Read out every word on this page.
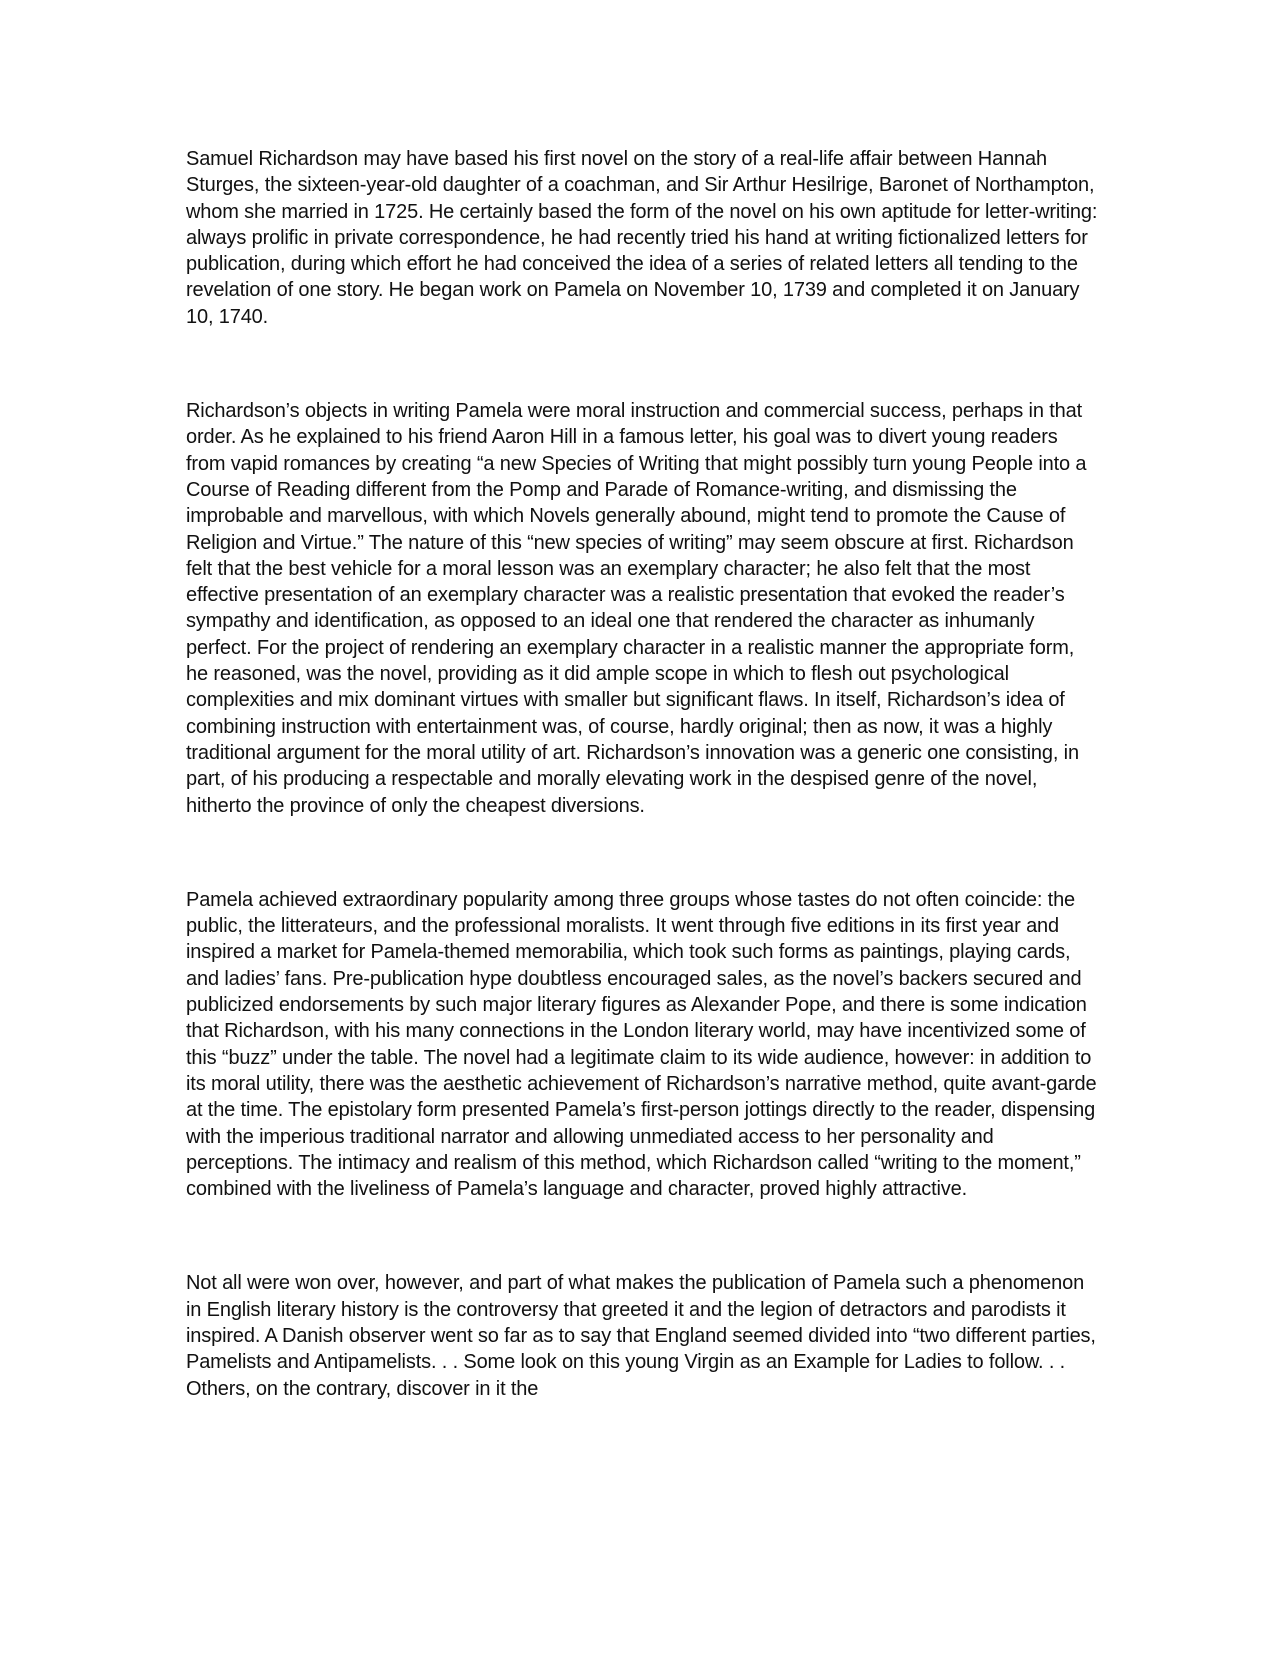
Samuel Richardson may have based his first novel on the story of a real-life affair between Hannah Sturges, the sixteen-year-old daughter of a coachman, and Sir Arthur Hesilrige, Baronet of Northampton, whom she married in 1725. He certainly based the form of the novel on his own aptitude for letter-writing: always prolific in private correspondence, he had recently tried his hand at writing fictionalized letters for publication, during which effort he had conceived the idea of a series of related letters all tending to the revelation of one story. He began work on Pamela on November 10, 1739 and completed it on January 10, 1740.

Richardson’s objects in writing Pamela were moral instruction and commercial success, perhaps in that order. As he explained to his friend Aaron Hill in a famous letter, his goal was to divert young readers from vapid romances by creating “a new Species of Writing that might possibly turn young People into a Course of Reading different from the Pomp and Parade of Romance-writing, and dismissing the improbable and marvellous, with which Novels generally abound, might tend to promote the Cause of Religion and Virtue.” The nature of this “new species of writing” may seem obscure at first. Richardson felt that the best vehicle for a moral lesson was an exemplary character; he also felt that the most effective presentation of an exemplary character was a realistic presentation that evoked the reader’s sympathy and identification, as opposed to an ideal one that rendered the character as inhumanly perfect. For the project of rendering an exemplary character in a realistic manner the appropriate form, he reasoned, was the novel, providing as it did ample scope in which to flesh out psychological complexities and mix dominant virtues with smaller but significant flaws. In itself, Richardson’s idea of combining instruction with entertainment was, of course, hardly original; then as now, it was a highly traditional argument for the moral utility of art. Richardson’s innovation was a generic one consisting, in part, of his producing a respectable and morally elevating work in the despised genre of the novel, hitherto the province of only the cheapest diversions.

Pamela achieved extraordinary popularity among three groups whose tastes do not often coincide: the public, the litterateurs, and the professional moralists. It went through five editions in its first year and inspired a market for Pamela-themed memorabilia, which took such forms as paintings, playing cards, and ladies’ fans. Pre-publication hype doubtless encouraged sales, as the novel’s backers secured and publicized endorsements by such major literary figures as Alexander Pope, and there is some indication that Richardson, with his many connections in the London literary world, may have incentivized some of this “buzz” under the table. The novel had a legitimate claim to its wide audience, however: in addition to its moral utility, there was the aesthetic achievement of Richardson’s narrative method, quite avant-garde at the time. The epistolary form presented Pamela’s first-person jottings directly to the reader, dispensing with the imperious traditional narrator and allowing unmediated access to her personality and perceptions. The intimacy and realism of this method, which Richardson called “writing to the moment,” combined with the liveliness of Pamela’s language and character, proved highly attractive.

Not all were won over, however, and part of what makes the publication of Pamela such a phenomenon in English literary history is the controversy that greeted it and the legion of detractors and parodists it inspired. A Danish observer went so far as to say that England seemed divided into “two different parties, Pamelists and Antipamelists. . . Some look on this young Virgin as an Example for Ladies to follow. . . Others, on the contrary, discover in it the
